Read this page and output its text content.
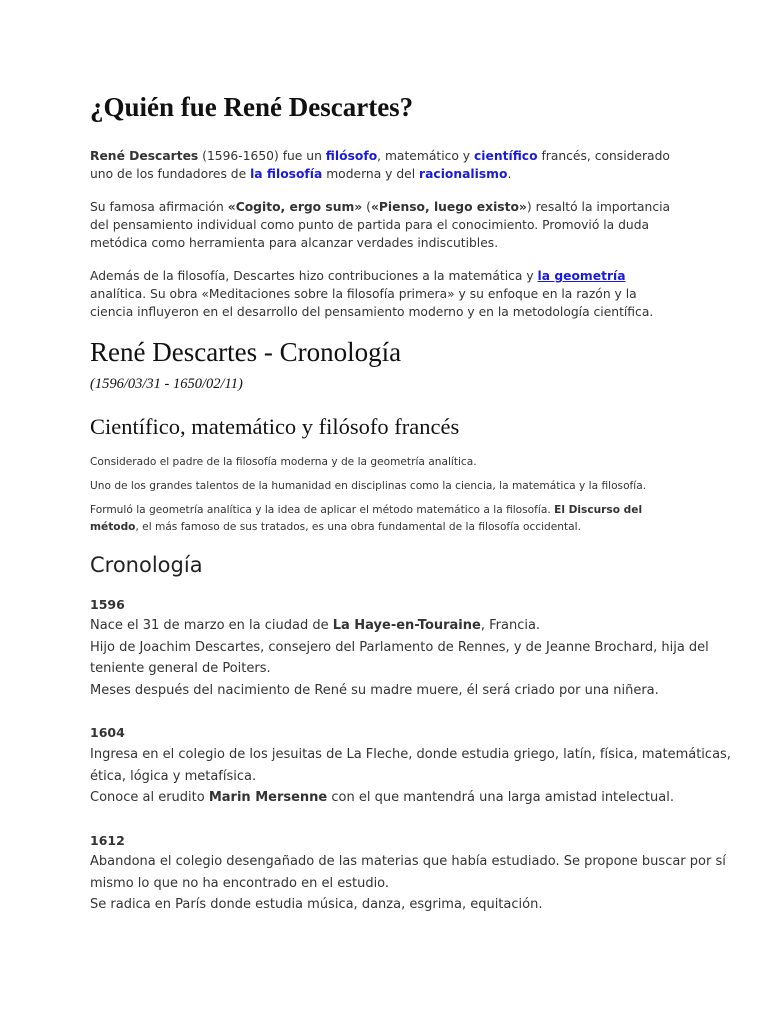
¿Quién fue René Descartes?

René Descartes (1596-1650) fue un filósofo, matemático y científico francés, considerado uno de los fundadores de la filosofía moderna y del racionalismo.

Su famosa afirmación «Cogito, ergo sum» («Pienso, luego existo») resaltó la importancia del pensamiento individual como punto de partida para el conocimiento. Promovió la duda metódica como herramienta para alcanzar verdades indiscutibles.

Además de la filosofía, Descartes hizo contribuciones a la matemática y la geometría analítica. Su obra «Meditaciones sobre la filosofía primera» y su enfoque en la razón y la ciencia influyeron en el desarrollo del pensamiento moderno y en la metodología científica.

René Descartes - Cronología
(1596/03/31 - 1650/02/11)
Científico, matemático y filósofo francés

Considerado el padre de la filosofía moderna y de la geometría analítica.

Uno de los grandes talentos de la humanidad en disciplinas como la ciencia, la matemática y la filosofía.

Formuló la geometría analítica y la idea de aplicar el método matemático a la filosofía. El Discurso del método, el más famoso de sus tratados, es una obra fundamental de la filosofía occidental.

Cronología
1596
Nace el 31 de marzo en la ciudad de La Haye-en-Touraine, Francia.
Hijo de Joachim Descartes, consejero del Parlamento de Rennes, y de Jeanne Brochard, hija del
teniente general de Poiters.
Meses después del nacimiento de René su madre muere, él será criado por una niñera.
1604
Ingresa en el colegio de los jesuitas de La Fleche, donde estudia griego, latín, física, matemáticas,
ética, lógica y metafísica.
Conoce al erudito Marin Mersenne con el que mantendrá una larga amistad intelectual.
1612
Abandona el colegio desengañado de las materias que había estudiado. Se propone buscar por sí
mismo lo que no ha encontrado en el estudio.
Se radica en París donde estudia música, danza, esgrima, equitación.
